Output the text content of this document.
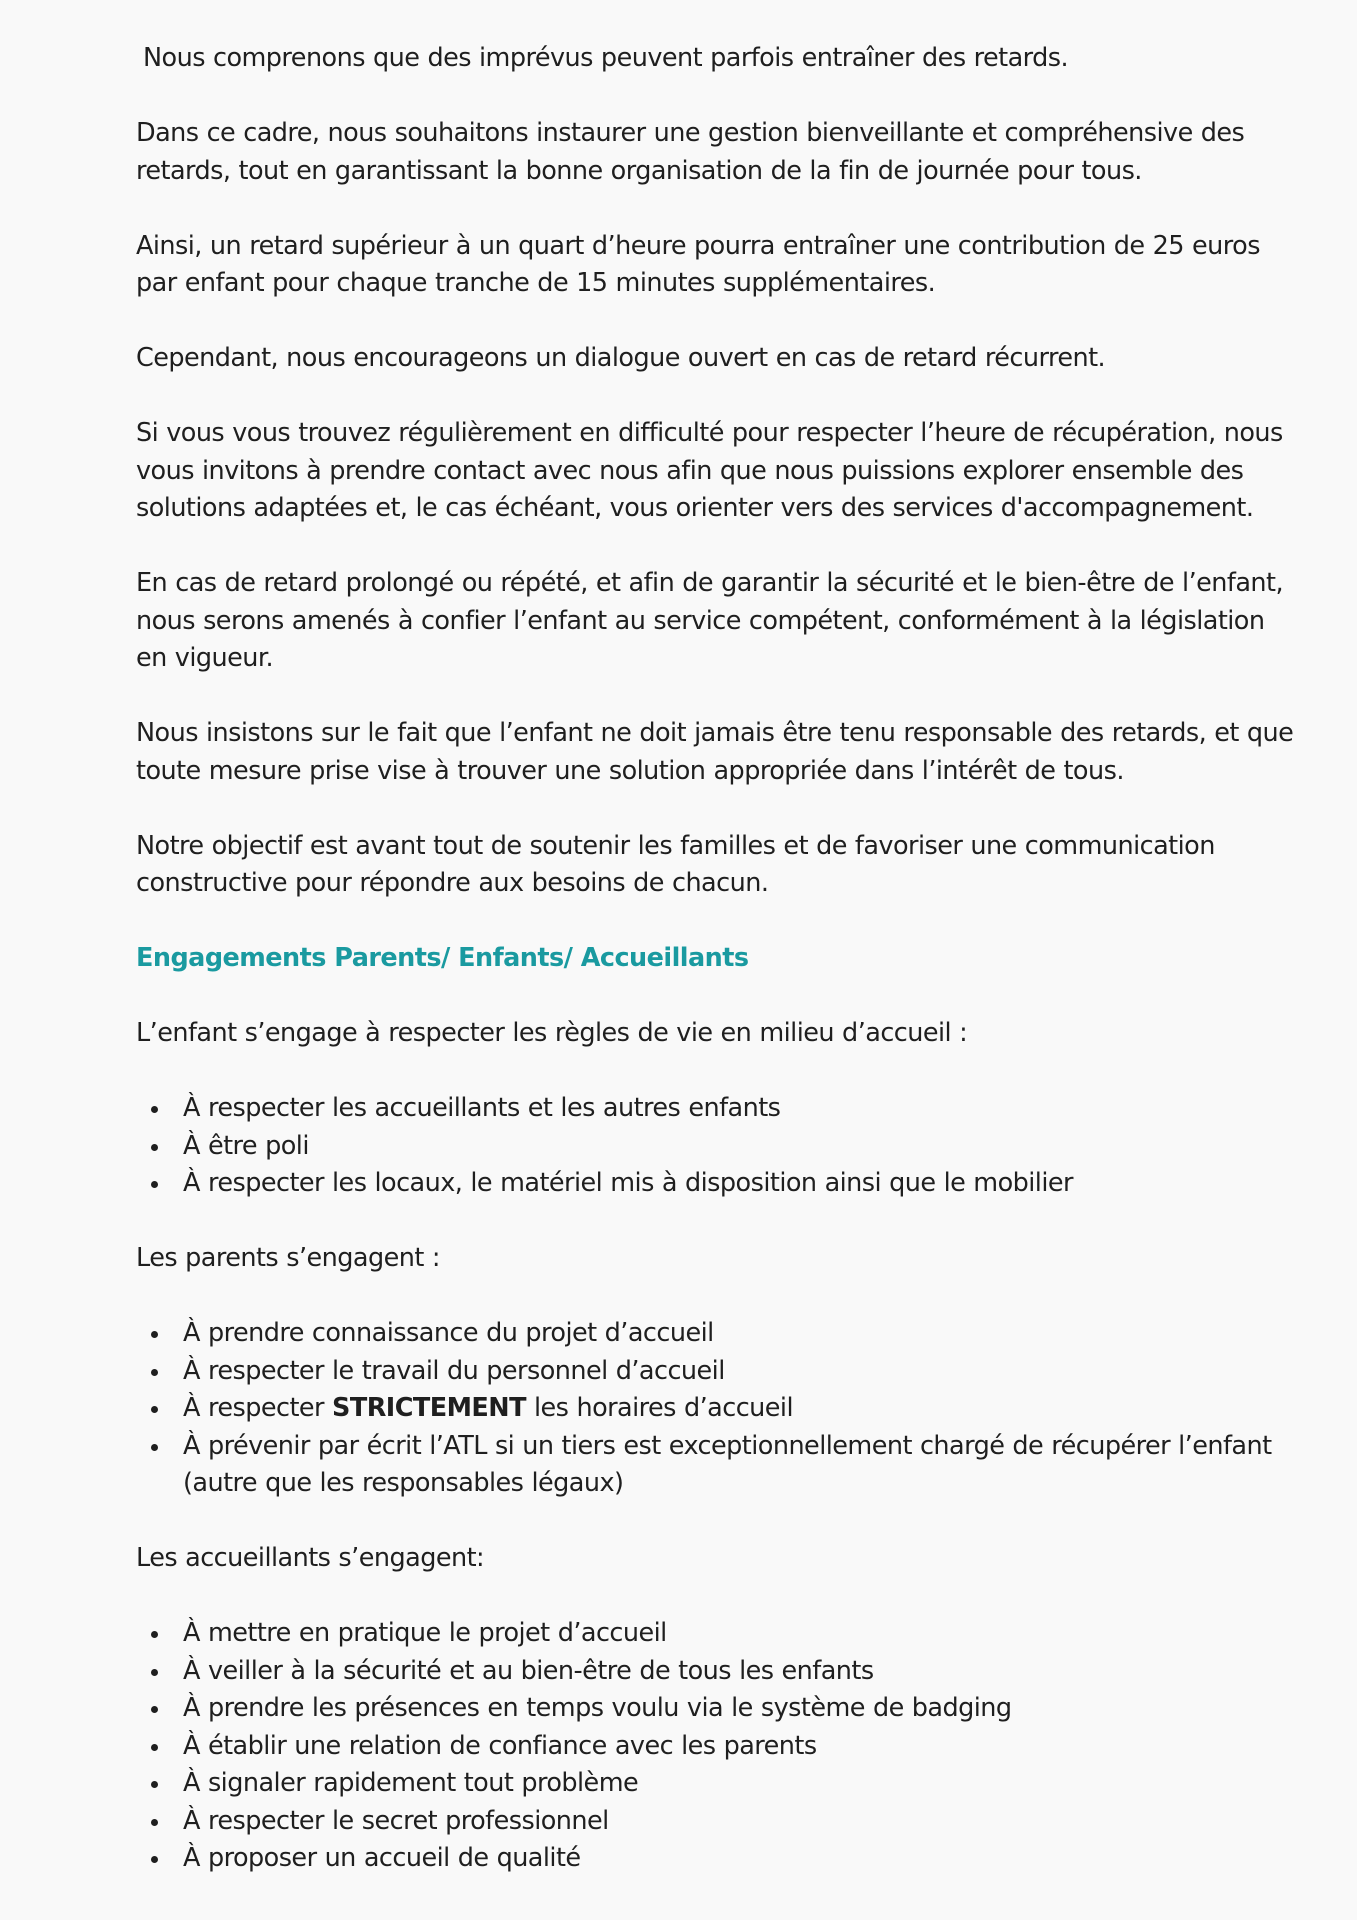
Nous comprenons que des imprévus peuvent parfois entraîner des retards.

Dans ce cadre, nous souhaitons instaurer une gestion bienveillante et compréhensive des retards, tout en garantissant la bonne organisation de la fin de journée pour tous.

Ainsi, un retard supérieur à un quart d’heure pourra entraîner une contribution de 25 euros par enfant pour chaque tranche de 15 minutes supplémentaires.

Cependant, nous encourageons un dialogue ouvert en cas de retard récurrent.

Si vous vous trouvez régulièrement en difficulté pour respecter l’heure de récupération, nous vous invitons à prendre contact avec nous afin que nous puissions explorer ensemble des solutions adaptées et, le cas échéant, vous orienter vers des services d'accompagnement.

En cas de retard prolongé ou répété, et afin de garantir la sécurité et le bien-être de l’enfant, nous serons amenés à confier l’enfant au service compétent, conformément à la législation en vigueur.

Nous insistons sur le fait que l’enfant ne doit jamais être tenu responsable des retards, et que toute mesure prise vise à trouver une solution appropriée dans l’intérêt de tous.

Notre objectif est avant tout de soutenir les familles et de favoriser une communication constructive pour répondre aux besoins de chacun.

Engagements Parents/ Enfants/ Accueillants

L’enfant s’engage à respecter les règles de vie en milieu d’accueil :

À respecter les accueillants et les autres enfants
À être poli
À respecter les locaux, le matériel mis à disposition ainsi que le mobilier

Les parents s’engagent :

À prendre connaissance du projet d’accueil
À respecter le travail du personnel d’accueil
À respecter STRICTEMENT les horaires d’accueil
À prévenir par écrit l’ATL si un tiers est exceptionnellement chargé de récupérer l’enfant (autre que les responsables légaux)

Les accueillants s’engagent:

À mettre en pratique le projet d’accueil
À veiller à la sécurité et au bien-être de tous les enfants
À prendre les présences en temps voulu via le système de badging
À établir une relation de confiance avec les parents
À signaler rapidement tout problème
À respecter le secret professionnel
À proposer un accueil de qualité
